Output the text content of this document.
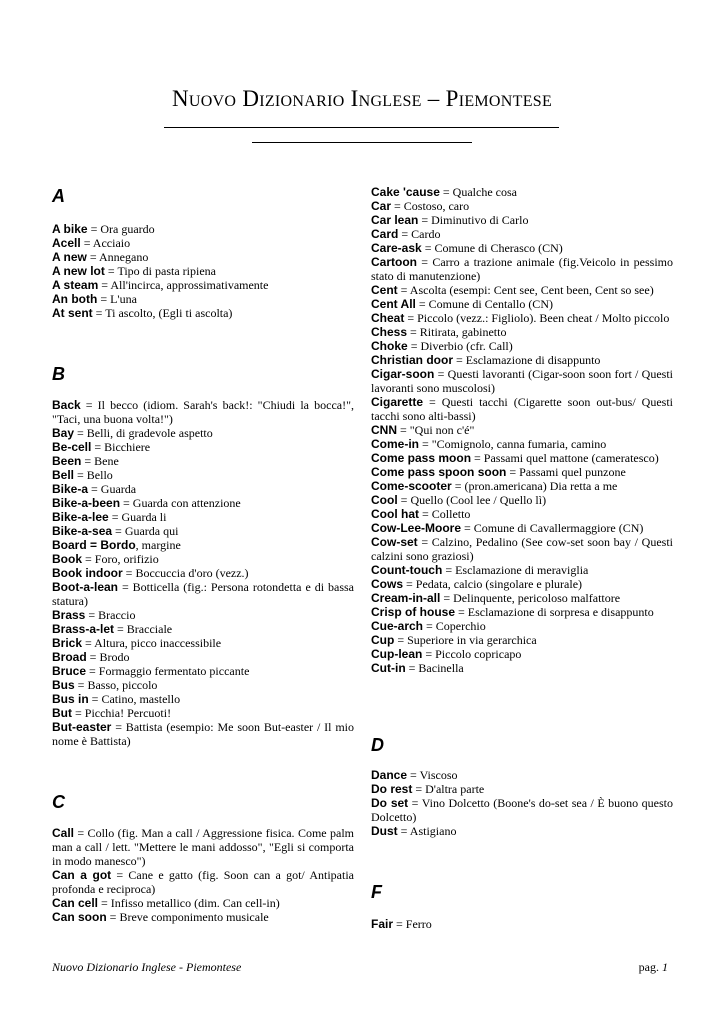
Nuovo Dizionario Inglese – Piemontese
A

A bike = Ora guardo

Acell = Acciaio

A new = Annegano

A new lot = Tipo di pasta ripiena

A steam = All'incirca, approssimativamente

An both = L'una

At sent = Ti ascolto, (Egli ti ascolta)

B

Back = Il becco (idiom. Sarah's back!: "Chiudi la bocca!", "Taci, una buona volta!")

Bay = Belli, di gradevole aspetto

Be-cell = Bicchiere

Been = Bene

Bell = Bello

Bike-a = Guarda

Bike-a-been = Guarda con attenzione

Bike-a-lee = Guarda li

Bike-a-sea = Guarda qui

Board = Bordo, margine

Book = Foro, orifizio

Book indoor = Boccuccia d'oro (vezz.)

Boot-a-lean = Botticella (fig.: Persona rotondetta e di bassa statura)

Brass = Braccio

Brass-a-let = Bracciale

Brick = Altura, picco inaccessibile

Broad = Brodo

Bruce = Formaggio fermentato piccante

Bus = Basso, piccolo

Bus in = Catino, mastello

But = Picchia! Percuoti!

But-easter = Battista (esempio: Me soon But-easter / Il mio nome è Battista)

C

Call = Collo (fig. Man a call / Aggressione fisica. Come palm man a call / lett. "Mettere le mani addosso", "Egli si comporta in modo manesco")

Can a got = Cane e gatto (fig. Soon can a got/ Antipatia profonda e reciproca)

Can cell = Infisso metallico (dim. Can cell-in)

Can soon = Breve componimento musicale

Cake 'cause = Qualche cosa

Car = Costoso, caro

Car lean = Diminutivo di Carlo

Card = Cardo

Care-ask = Comune di Cherasco (CN)

Cartoon = Carro a trazione animale (fig.Veicolo in pessimo stato di manutenzione)

Cent = Ascolta (esempi: Cent see, Cent been, Cent so see)

Cent All = Comune di Centallo (CN)

Cheat = Piccolo (vezz.: Figliolo). Been cheat / Molto piccolo

Chess = Ritirata, gabinetto

Choke = Diverbio (cfr. Call)

Christian door = Esclamazione di disappunto

Cigar-soon = Questi lavoranti (Cigar-soon soon fort / Questi lavoranti sono muscolosi)

Cigarette = Questi tacchi (Cigarette soon out-bus/ Questi tacchi sono alti-bassi)

CNN = "Qui non c'é"

Come-in = "Comignolo, canna fumaria, camino

Come pass moon = Passami quel mattone (cameratesco)

Come pass spoon soon = Passami quel punzone

Come-scooter = (pron.americana) Dia retta a me

Cool = Quello (Cool lee / Quello lì)

Cool hat = Colletto

Cow-Lee-Moore = Comune di Cavallermaggiore (CN)

Cow-set = Calzino, Pedalino (See cow-set soon bay / Questi calzini sono graziosi)

Count-touch = Esclamazione di meraviglia

Cows = Pedata, calcio (singolare e plurale)

Cream-in-all = Delinquente, pericoloso malfattore

Crisp of house = Esclamazione di sorpresa e disappunto

Cue-arch = Coperchio

Cup = Superiore in via gerarchica

Cup-lean = Piccolo copricapo

Cut-in = Bacinella

D

Dance = Viscoso

Do rest = D'altra parte

Do set = Vino Dolcetto (Boone's do-set sea / È buono questo Dolcetto)

Dust = Astigiano

F

Fair = Ferro

Nuovo Dizionario Inglese - Piemontese	pag. 1
